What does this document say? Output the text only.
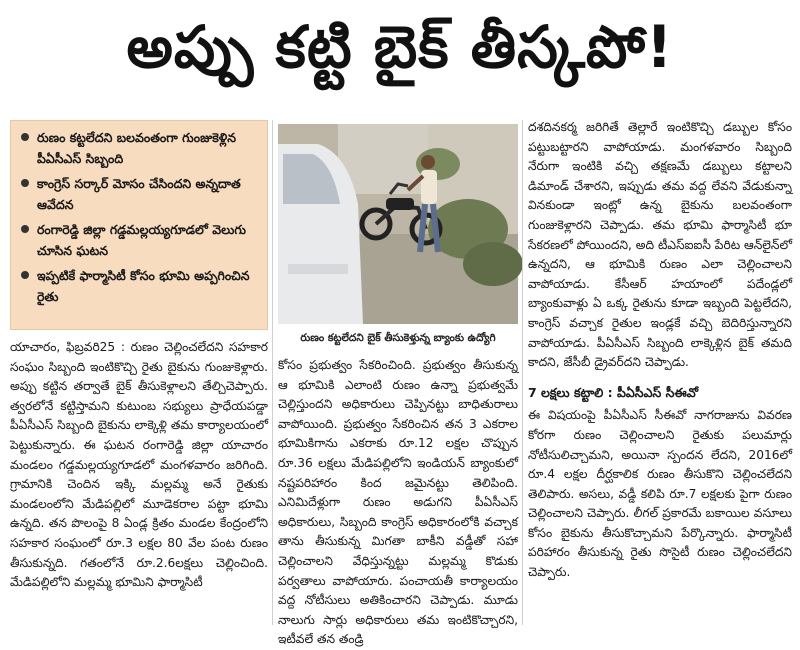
అప్పు కట్టి బైక్ తీస్కపో!
రుణం కట్టలేదని బలవంతంగా గుంజుకెళ్లిన పీఏసీఎస్ సిబ్బంది
కాంగ్రెస్ సర్కార్ మోసం చేసిందని అన్నదాత ఆవేదన
రంగారెడ్డి జిల్లా గడ్డమల్లయ్యగూడలో వెలుగు చూసిన ఘటన
ఇప్పటికే ఫార్మాసిటీ కోసం భూమి అప్పగించిన రైతు
రుణం కట్టలేదని బైక్ తీసుకెళ్తున్న బ్యాంకు ఉద్యోగి

యాచారం, ఫిబ్రవరి25 : రుణం చెల్లించలేదని సహకార సంఘం సిబ్బంది ఇంటికొచ్చి రైతు బైకును గుంజుకెళ్లారు. అప్పు కట్టిన తర్వాతే బైక్ తీసుకెళ్లాలని తేల్చిచెప్పారు. త్వరలోనే కట్టిస్తామని కుటుంబ సభ్యులు ప్రాధేయపడ్డా పీఏసీఎస్ సిబ్బంది బైకును లాక్కెళ్లి తమ కార్యాలయంలో పెట్టుకున్నారు. ఈ ఘటన రంగారెడ్డి జిల్లా యాచారం మండలం గడ్డమల్లయ్యగూడలో మంగళవారం జరిగింది. గ్రామానికి చెందిన ఇక్కి మల్లమ్మ అనే రైతుకు మండలంలోని మేడిపల్లిలో మూడెకరాల పట్టా భూమి ఉన్నది. తన పొలంపై 8 ఏండ్ల క్రితం మండల కేంద్రంలోని సహకార సంఘంలో రూ.3 లక్షల 80 వేల పంట రుణం తీసుకున్నది. గతంలోనే రూ.2.6లక్షలు చెల్లించింది. మేడిపల్లిలోని మల్లమ్మ భూమిని ఫార్మాసిటీ

కోసం ప్రభుత్వం సేకరించింది. ప్రభుత్వం తీసుకున్న ఆ భూమికి ఎలాంటి రుణం ఉన్నా ప్రభుత్వమే చెల్లిస్తుందని అధికారులు చెప్పినట్టు బాధితురాలు వాపోయింది. ప్రభుత్వం సేకరించిన తన 3 ఎకరాల భూమికిగాను ఎకరాకు రూ.12 లక్షల చొప్పున రూ.36 లక్షలు మేడిపల్లిలోని ఇండియన్ బ్యాంకులో నష్టపరిహారం కింద జమైనట్టు తెలిపింది. ఎనిమిదేళ్లుగా రుణం అడుగని పీఏసీఎస్ అధికారులు, సిబ్బంది కాంగ్రెస్ అధికారంలోకి వచ్చాక తాను తీసుకున్న మిగతా బాకీని వడ్డీతో సహా చెల్లించాలని వేధిస్తున్నట్టు మల్లమ్మ కొడుకు పర్వతాలు వాపోయారు. పంచాయతీ కార్యాలయం వద్ద నోటీసులు అతికించారని చెప్పాడు. మూడు నాలుగు సార్లు అధికారులు తమ ఇంటికొచ్చారని, ఇటీవలే తన తండ్రి

దశదినకర్మ జరిగితే తెల్లారే ఇంటికొచ్చి డబ్బుల కోసం పట్టుబట్టారని వాపోయాడు. మంగళవారం సిబ్బంది నేరుగా ఇంటికి వచ్చి తక్షణమే డబ్బులు కట్టాలని డిమాండ్ చేశారని, ఇప్పుడు తమ వద్ద లేవని వేడుకున్నా వినకుండా ఇంట్లో ఉన్న బైకును బలవంతంగా గుంజుకెళ్లారని చెప్పాడు. తమ భూమి ఫార్మాసిటీ భూ సేకరణలో పోయిందని, అది టీఎస్ఐఐసీ పేరిట ఆన్‌లైన్‌లో ఉన్నదని, ఆ భూమికి రుణం ఎలా చెల్లించాలని వాపోయాడు. కేసీఆర్ హయాంలో పదేండ్లలో బ్యాంకువాళ్లు ఏ ఒక్క రైతును కూడా ఇబ్బంది పెట్టలేదని, కాంగ్రెస్ వచ్చాక రైతుల ఇండ్లకే వచ్చి బెదిరిస్తున్నారని వాపోయాడు. పీఏసీఎస్ సిబ్బంది లాక్కెళ్లిన బైక్ తమది కాదని, జేసీబీ డ్రైవర్‌దని చెప్పాడు.

7 లక్షలు కట్టాలి : పీఏసీఎస్ సీఈవో

ఈ విషయంపై పీఏసీఎస్ సీఈవో నాగరాజును వివరణ కోరగా రుణం చెల్లించాలని రైతుకు పలుమార్లు నోటీసులిచ్చామని, అయినా స్పందన లేదని, 2016లో రూ.4 లక్షల దీర్ఘకాలిక రుణం తీసుకొని చెల్లించలేదని తెలిపారు. అసలు, వడ్డీ కలిపి రూ.7 లక్షలకు పైగా రుణం చెల్లించాలని చెప్పారు. లీగల్ ప్రకారమే బకాయిల వసూలు కోసం బైకును తీసుకొచ్చామని పేర్కొన్నారు. ఫార్మాసిటీ పరిహారం తీసుకున్న రైతు సొసైటీ రుణం చెల్లించలేదని చెప్పారు.
